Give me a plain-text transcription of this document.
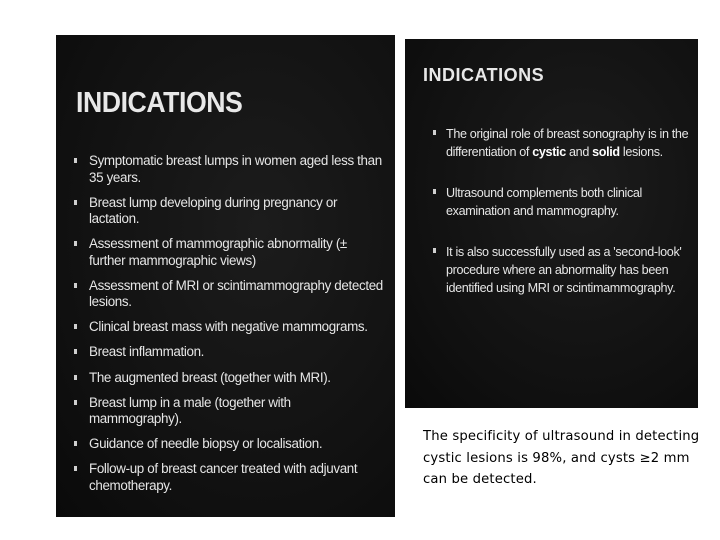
INDICATIONS
Symptomatic breast lumps in women aged less than 35 years.
Breast lump developing during pregnancy or lactation.
Assessment of mammographic abnormality (± further mammographic views)
Assessment of MRI or scintimammography detected lesions.
Clinical breast mass with negative mammograms.
Breast inflammation.
The augmented breast (together with MRI).
Breast lump in a male (together with mammography).
Guidance of needle biopsy or localisation.
Follow-up of breast cancer treated with adjuvant chemotherapy.
INDICATIONS
The original role of breast sonography is in the differentiation of cystic and solid lesions.
Ultrasound complements both clinical examination and mammography.
It is also successfully used as a 'second-look' procedure where an abnormality has been identified using MRI or scintimammography.

The specificity of ultrasound in detecting cystic lesions is 98%, and cysts ≥2 mm can be detected.
